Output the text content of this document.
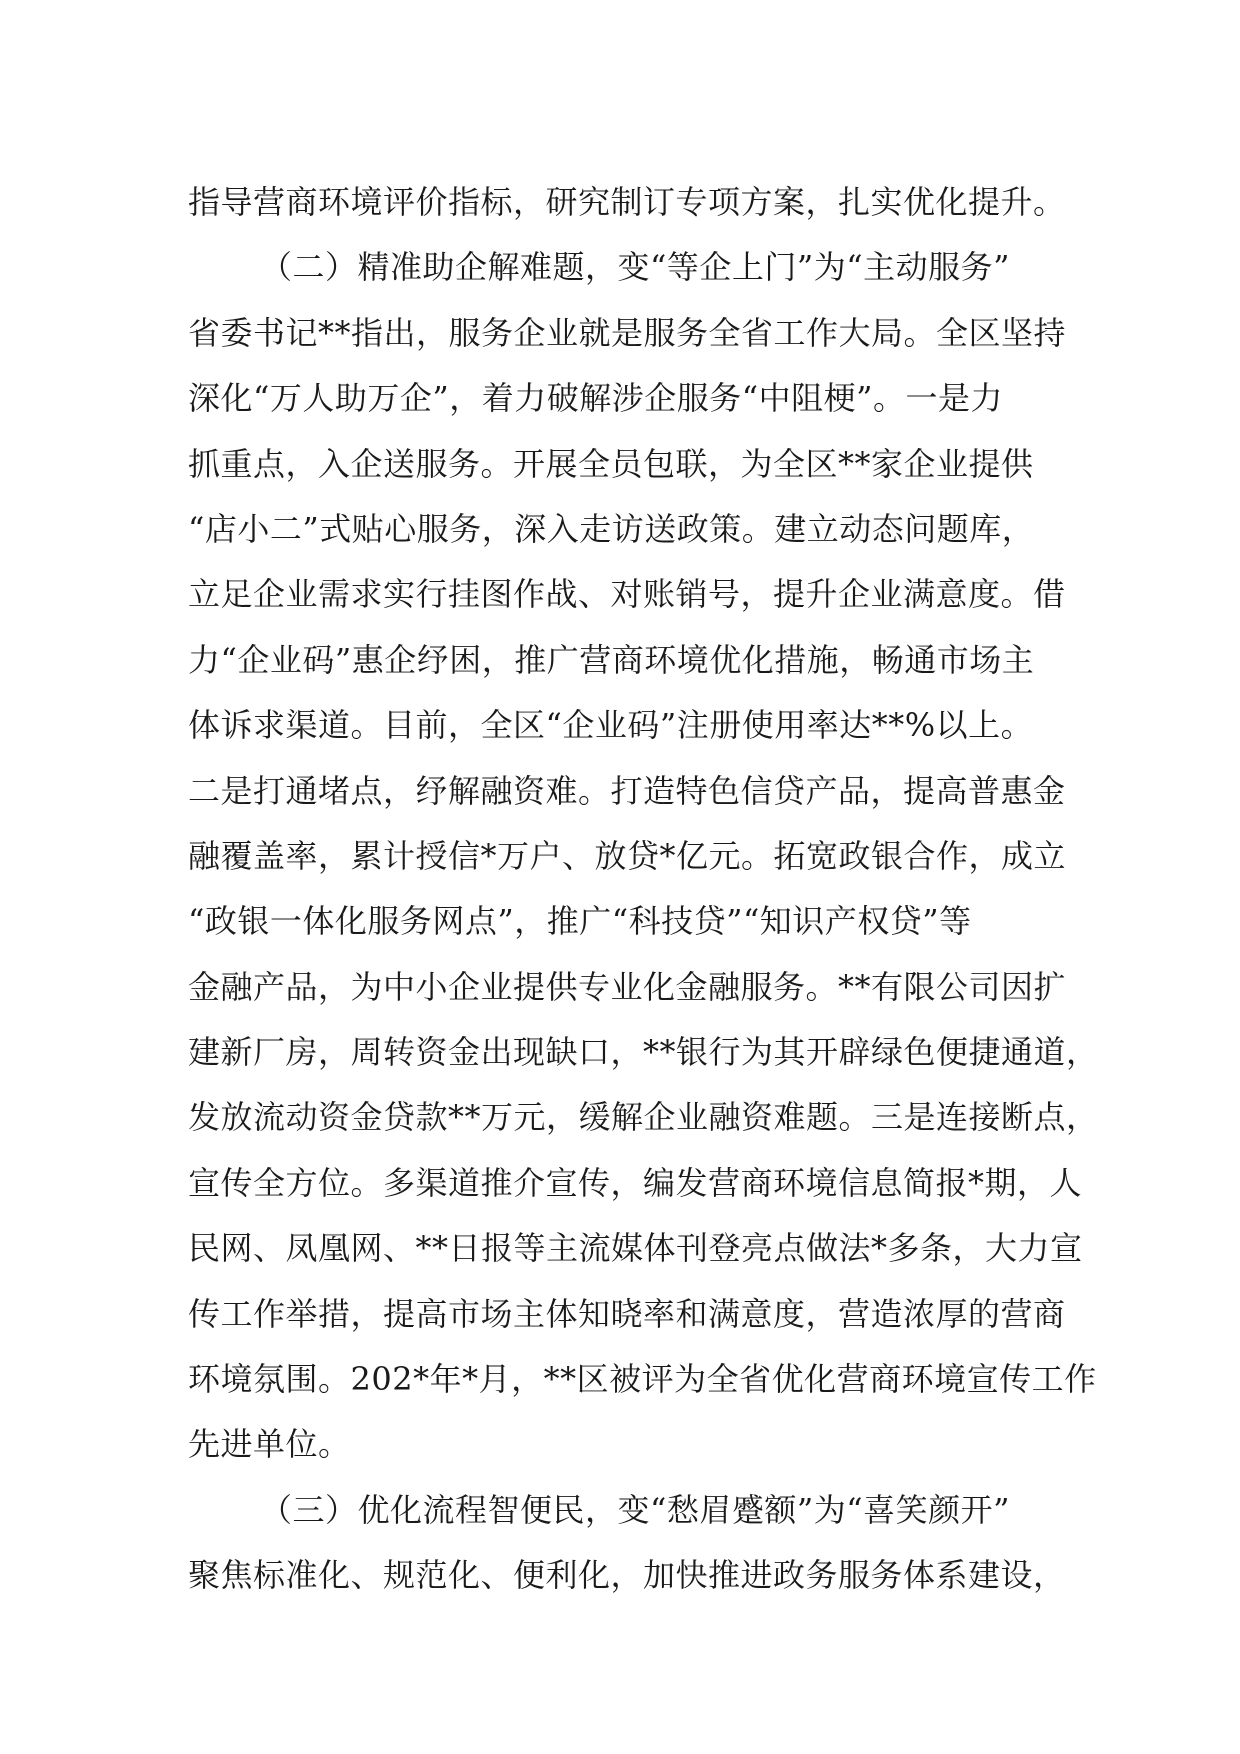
指导营商环境评价指标，研究制订专项方案，扎实优化提升。
（二）精准助企解难题，变“等企上门”为“主动服务”
省委书记**指出，服务企业就是服务全省工作大局。全区坚持
深化“万人助万企”，着力破解涉企服务“中阻梗”。一是力
抓重点，入企送服务。开展全员包联，为全区**家企业提供
“店小二”式贴心服务，深入走访送政策。建立动态问题库，
立足企业需求实行挂图作战、对账销号，提升企业满意度。借
力“企业码”惠企纾困，推广营商环境优化措施，畅通市场主
体诉求渠道。目前，全区“企业码”注册使用率达**%以上。
二是打通堵点，纾解融资难。打造特色信贷产品，提高普惠金
融覆盖率，累计授信*万户、放贷*亿元。拓宽政银合作，成立
“政银一体化服务网点”，推广“科技贷”“知识产权贷”等
金融产品，为中小企业提供专业化金融服务。**有限公司因扩
建新厂房，周转资金出现缺口，**银行为其开辟绿色便捷通道，
发放流动资金贷款**万元，缓解企业融资难题。三是连接断点，
宣传全方位。多渠道推介宣传，编发营商环境信息简报*期，人
民网、凤凰网、**日报等主流媒体刊登亮点做法*多条，大力宣
传工作举措，提高市场主体知晓率和满意度，营造浓厚的营商
环境氛围。202*年*月，**区被评为全省优化营商环境宣传工作
先进单位。
（三）优化流程智便民，变“愁眉蹙额”为“喜笑颜开”
聚焦标准化、规范化、便利化，加快推进政务服务体系建设，
